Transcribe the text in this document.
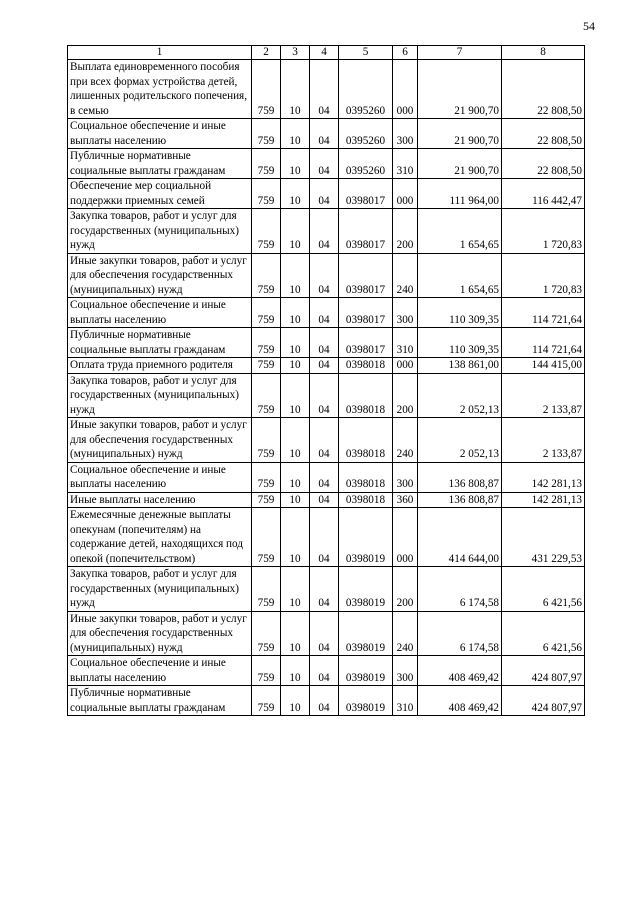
54
1	2	3	4	5	6	7	8
Выплата единовременного пособия при всех формах устройства детей, лишенных родительского попечения, в семью	759	10	04	0395260	000	21 900,70	22 808,50
Социальное обеспечение и иные выплаты населению	759	10	04	0395260	300	21 900,70	22 808,50
Публичные нормативные социальные выплаты гражданам	759	10	04	0395260	310	21 900,70	22 808,50
Обеспечение мер социальной поддержки приемных семей	759	10	04	0398017	000	111 964,00	116 442,47
Закупка товаров, работ и услуг для государственных (муниципальных) нужд	759	10	04	0398017	200	1 654,65	1 720,83
Иные закупки товаров, работ и услуг для обеспечения государственных (муниципальных) нужд	759	10	04	0398017	240	1 654,65	1 720,83
Социальное обеспечение и иные выплаты населению	759	10	04	0398017	300	110 309,35	114 721,64
Публичные нормативные социальные выплаты гражданам	759	10	04	0398017	310	110 309,35	114 721,64
Оплата труда приемного родителя	759	10	04	0398018	000	138 861,00	144 415,00
Закупка товаров, работ и услуг для государственных (муниципальных) нужд	759	10	04	0398018	200	2 052,13	2 133,87
Иные закупки товаров, работ и услуг для обеспечения государственных (муниципальных) нужд	759	10	04	0398018	240	2 052,13	2 133,87
Социальное обеспечение и иные выплаты населению	759	10	04	0398018	300	136 808,87	142 281,13
Иные выплаты населению	759	10	04	0398018	360	136 808,87	142 281,13
Ежемесячные денежные выплаты опекунам (попечителям) на содержание детей, находящихся под опекой (попечительством)	759	10	04	0398019	000	414 644,00	431 229,53
Закупка товаров, работ и услуг для государственных (муниципальных) нужд	759	10	04	0398019	200	6 174,58	6 421,56
Иные закупки товаров, работ и услуг для обеспечения государственных (муниципальных) нужд	759	10	04	0398019	240	6 174,58	6 421,56
Социальное обеспечение и иные выплаты населению	759	10	04	0398019	300	408 469,42	424 807,97
Публичные нормативные социальные выплаты гражданам	759	10	04	0398019	310	408 469,42	424 807,97
